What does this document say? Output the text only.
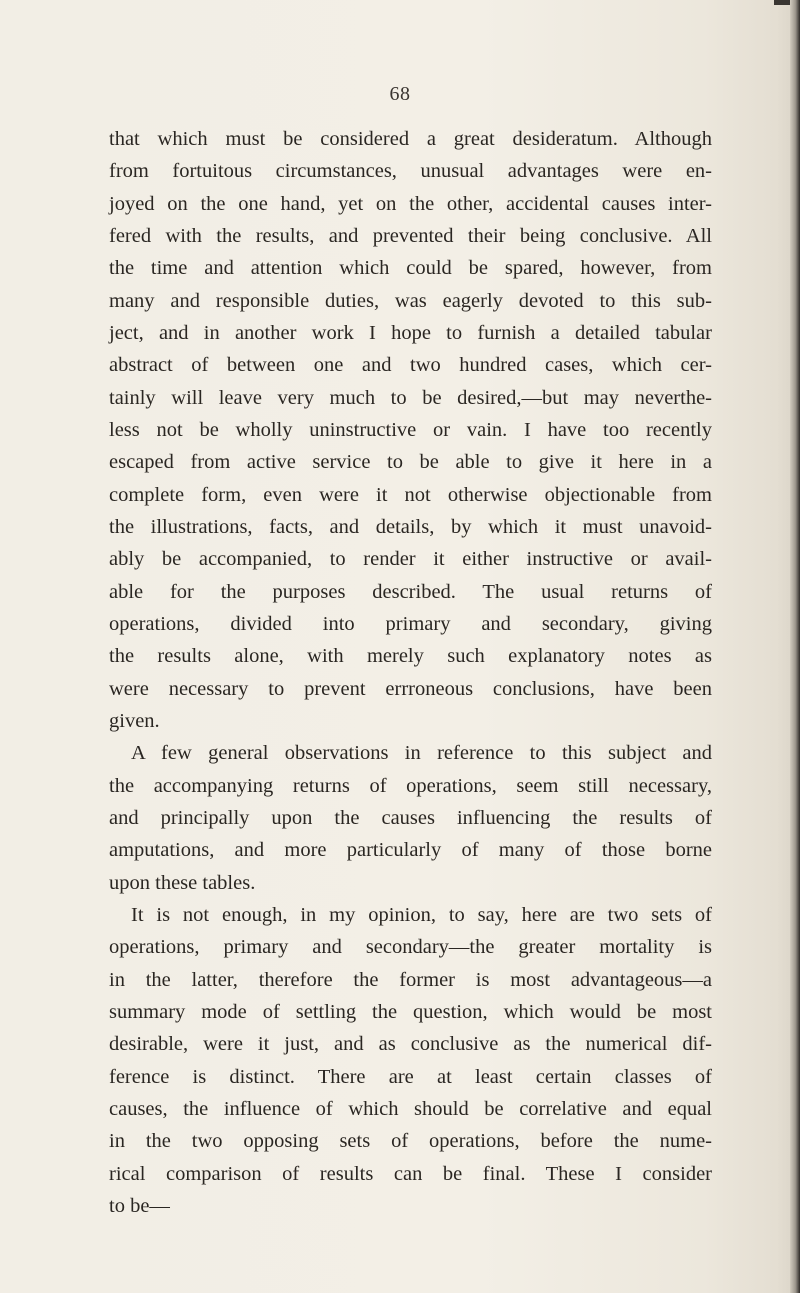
68
that which must be considered a great desideratum. Although
from fortuitous circumstances, unusual advantages were en-
joyed on the one hand, yet on the other, accidental causes inter-
fered with the results, and prevented their being conclusive. All
the time and attention which could be spared, however, from
many and responsible duties, was eagerly devoted to this sub-
ject, and in another work I hope to furnish a detailed tabular
abstract of between one and two hundred cases, which cer-
tainly will leave very much to be desired,—but may neverthe-
less not be wholly uninstructive or vain. I have too recently
escaped from active service to be able to give it here in a
complete form, even were it not otherwise objectionable from
the illustrations, facts, and details, by which it must unavoid-
ably be accompanied, to render it either instructive or avail-
able for the purposes described. The usual returns of
operations, divided into primary and secondary, giving
the results alone, with merely such explanatory notes as
were necessary to prevent errroneous conclusions, have been
given.
A few general observations in reference to this subject and
the accompanying returns of operations, seem still necessary,
and principally upon the causes influencing the results of
amputations, and more particularly of many of those borne
upon these tables.
It is not enough, in my opinion, to say, here are two sets of
operations, primary and secondary—the greater mortality is
in the latter, therefore the former is most advantageous—a
summary mode of settling the question, which would be most
desirable, were it just, and as conclusive as the numerical dif-
ference is distinct. There are at least certain classes of
causes, the influence of which should be correlative and equal
in the two opposing sets of operations, before the nume-
rical comparison of results can be final. These I consider
to be—
